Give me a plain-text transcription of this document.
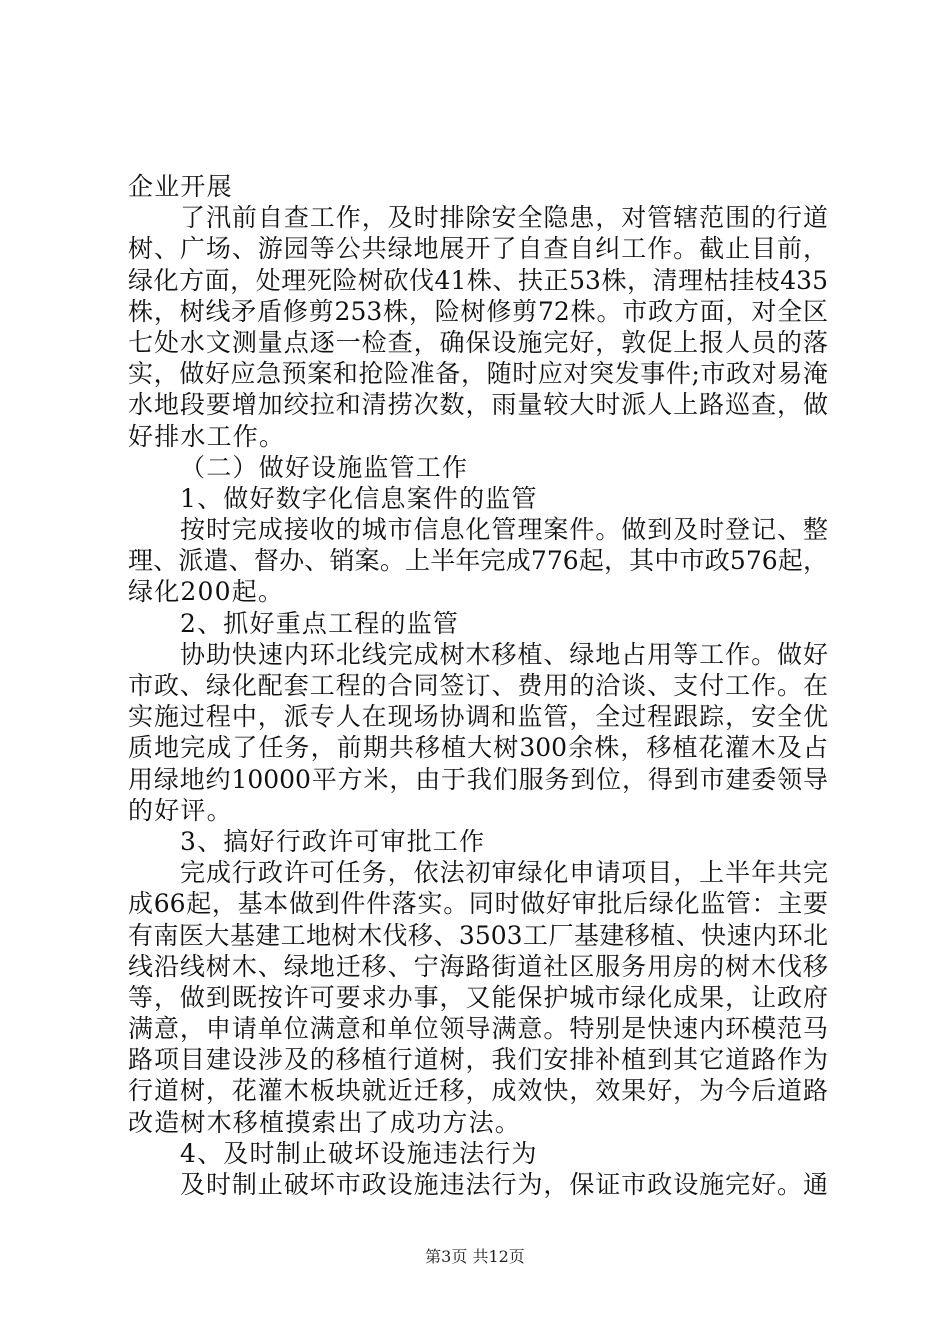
企业开展
了汛前自查工作，及时排除安全隐患，对管辖范围的行道
树、广场、游园等公共绿地展开了自查自纠工作。截止目前，
绿化方面，处理死险树砍伐41株、扶正53株，清理枯挂枝435
株，树线矛盾修剪253株，险树修剪72株。市政方面，对全区
七处水文测量点逐一检查，确保设施完好，敦促上报人员的落
实，做好应急预案和抢险准备，随时应对突发事件;市政对易淹
水地段要增加绞拉和清捞次数，雨量较大时派人上路巡查，做
好排水工作。
（二）做好设施监管工作
1、做好数字化信息案件的监管
按时完成接收的城市信息化管理案件。做到及时登记、整
理、派遣、督办、销案。上半年完成776起，其中市政576起，
绿化200起。
2、抓好重点工程的监管
协助快速内环北线完成树木移植、绿地占用等工作。做好
市政、绿化配套工程的合同签订、费用的洽谈、支付工作。在
实施过程中，派专人在现场协调和监管，全过程跟踪，安全优
质地完成了任务，前期共移植大树300余株，移植花灌木及占
用绿地约10000平方米，由于我们服务到位，得到市建委领导
的好评。
3、搞好行政许可审批工作
完成行政许可任务，依法初审绿化申请项目，上半年共完
成66起，基本做到件件落实。同时做好审批后绿化监管：主要
有南医大基建工地树木伐移、3503工厂基建移植、快速内环北
线沿线树木、绿地迁移、宁海路街道社区服务用房的树木伐移
等，做到既按许可要求办事，又能保护城市绿化成果，让政府
满意，申请单位满意和单位领导满意。特别是快速内环模范马
路项目建设涉及的移植行道树，我们安排补植到其它道路作为
行道树，花灌木板块就近迁移，成效快，效果好，为今后道路
改造树木移植摸索出了成功方法。
4、及时制止破坏设施违法行为
及时制止破坏市政设施违法行为，保证市政设施完好。通
第3页 共12页
